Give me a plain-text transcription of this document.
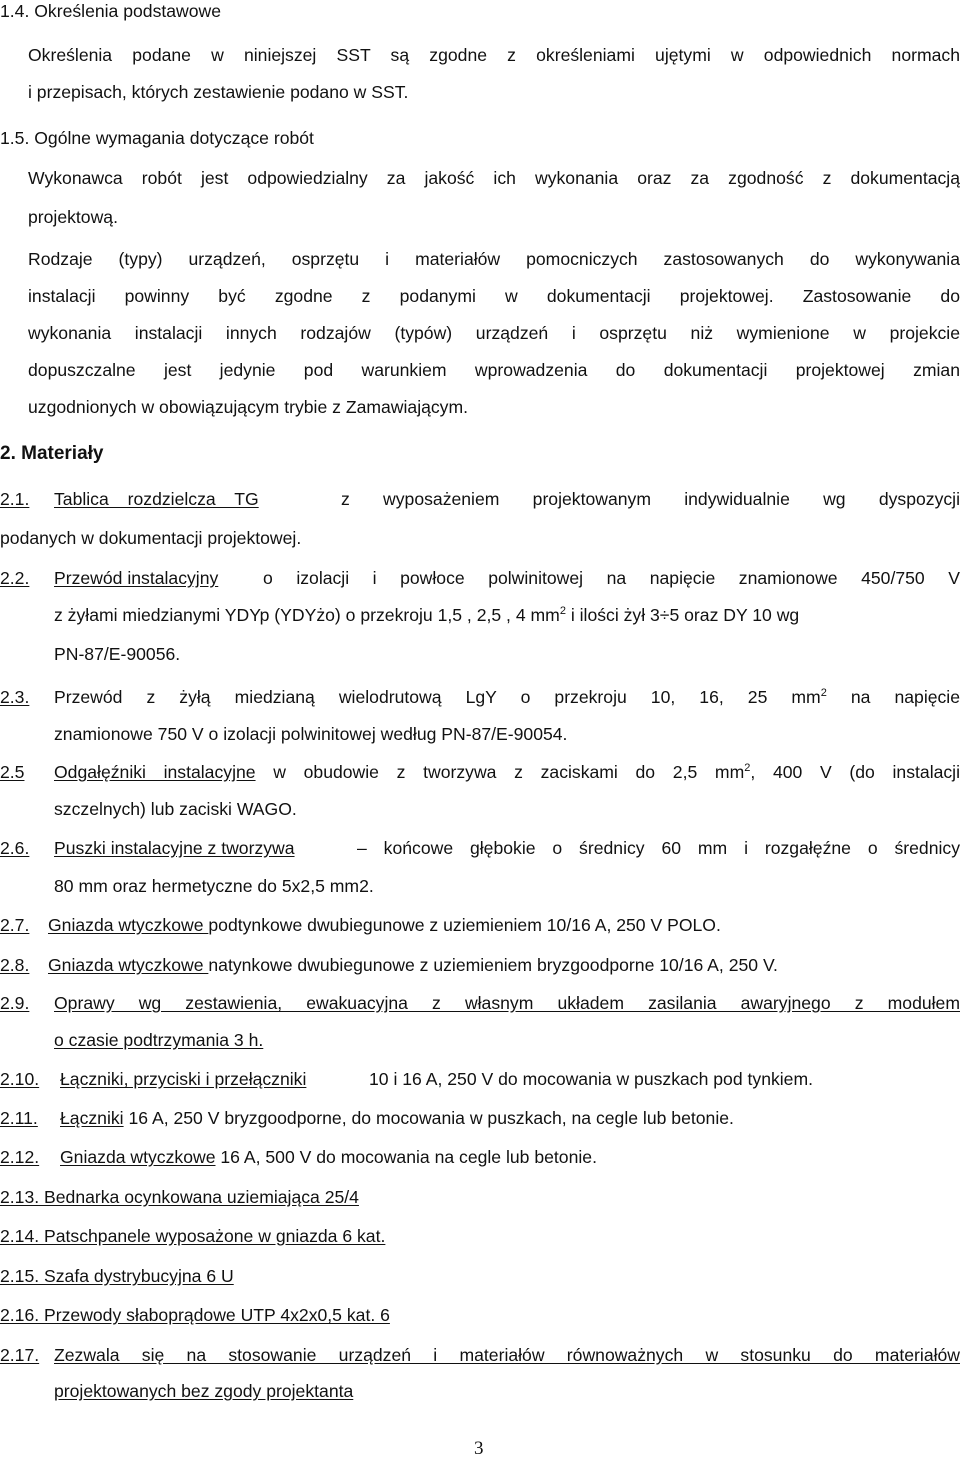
1.4. Określenia podstawowe
Określenia podane w niniejszej SST są zgodne z określeniami ujętymi w odpowiednich normach
i przepisach, których zestawienie podano w SST.
1.5. Ogólne wymagania dotyczące robót
Wykonawca robót jest odpowiedzialny za jakość ich wykonania oraz za zgodność z dokumentacją
projektową.
Rodzaje (typy) urządzeń, osprzętu i materiałów pomocniczych zastosowanych do wykonywania
instalacji powinny być zgodne z podanymi w dokumentacji projektowej. Zastosowanie do
wykonania instalacji innych rodzajów (typów) urządzeń i osprzętu niż wymienione w projekcie
dopuszczalne jest jedynie pod warunkiem wprowadzenia do dokumentacji projektowej zmian
uzgodnionych w obowiązującym trybie z Zamawiającym.
2. Materiały
2.1. Tablica rozdzielcza TG	z wyposażeniem projektowanym indywidualnie wg dyspozycji
podanych w dokumentacji projektowej.
2.2. Przewód instalacyjny	o izolacji i powłoce polwinitowej na napięcie znamionowe 450/750 V
z żyłami miedzianymi YDYp (YDYżo) o przekroju 1,5 , 2,5 , 4 $mm^2$ i ilości żył 3÷5 oraz DY 10 wg
PN-87/E-90056.
2.3. Przewód z żyłą miedzianą wielodrutową LgY o przekroju 10, 16, 25 $mm^2$ na napięcie
znamionowe 750 V o izolacji polwinitowej według PN-87/E-90054.
2.5 Odgałęźniki instalacyjne w obudowie z tworzywa z zaciskami do 2,5 $mm^2$, 400 V (do instalacji
szczelnych) lub zaciski WAGO.
2.6. Puszki instalacyjne z tworzywa	– końcowe głębokie o średnicy 60 mm i rozgałęźne o średnicy
80 mm oraz hermetyczne do 5x2,5 mm2.
2.7. Gniazda wtyczkowe podtynkowe dwubiegunowe z uziemieniem 10/16 A, 250 V POLO.
2.8. Gniazda wtyczkowe natynkowe dwubiegunowe z uziemieniem bryzgoodporne 10/16 A, 250 V.
2.9. Oprawy wg zestawienia, ewakuacyjna z własnym układem zasilania awaryjnego z modułem
o czasie podtrzymania 3 h.
2.10. Łączniki, przyciski i przełączniki	10 i 16 A, 250 V do mocowania w puszkach pod tynkiem.
2.11. Łączniki 16 A, 250 V bryzgoodporne, do mocowania w puszkach, na cegle lub betonie.
2.12. Gniazda wtyczkowe 16 A, 500 V do mocowania na cegle lub betonie.
2.13. Bednarka ocynkowana uziemiająca 25/4
2.14. Patschpanele wyposażone w gniazda 6 kat.
2.15. Szafa dystrybucyjna 6 U
2.16. Przewody słaboprądowe UTP 4x2x0,5 kat. 6
2.17. Zezwala się na stosowanie urządzeń i materiałów równoważnych w stosunku do materiałów
projektowanych bez zgody projektanta
3
